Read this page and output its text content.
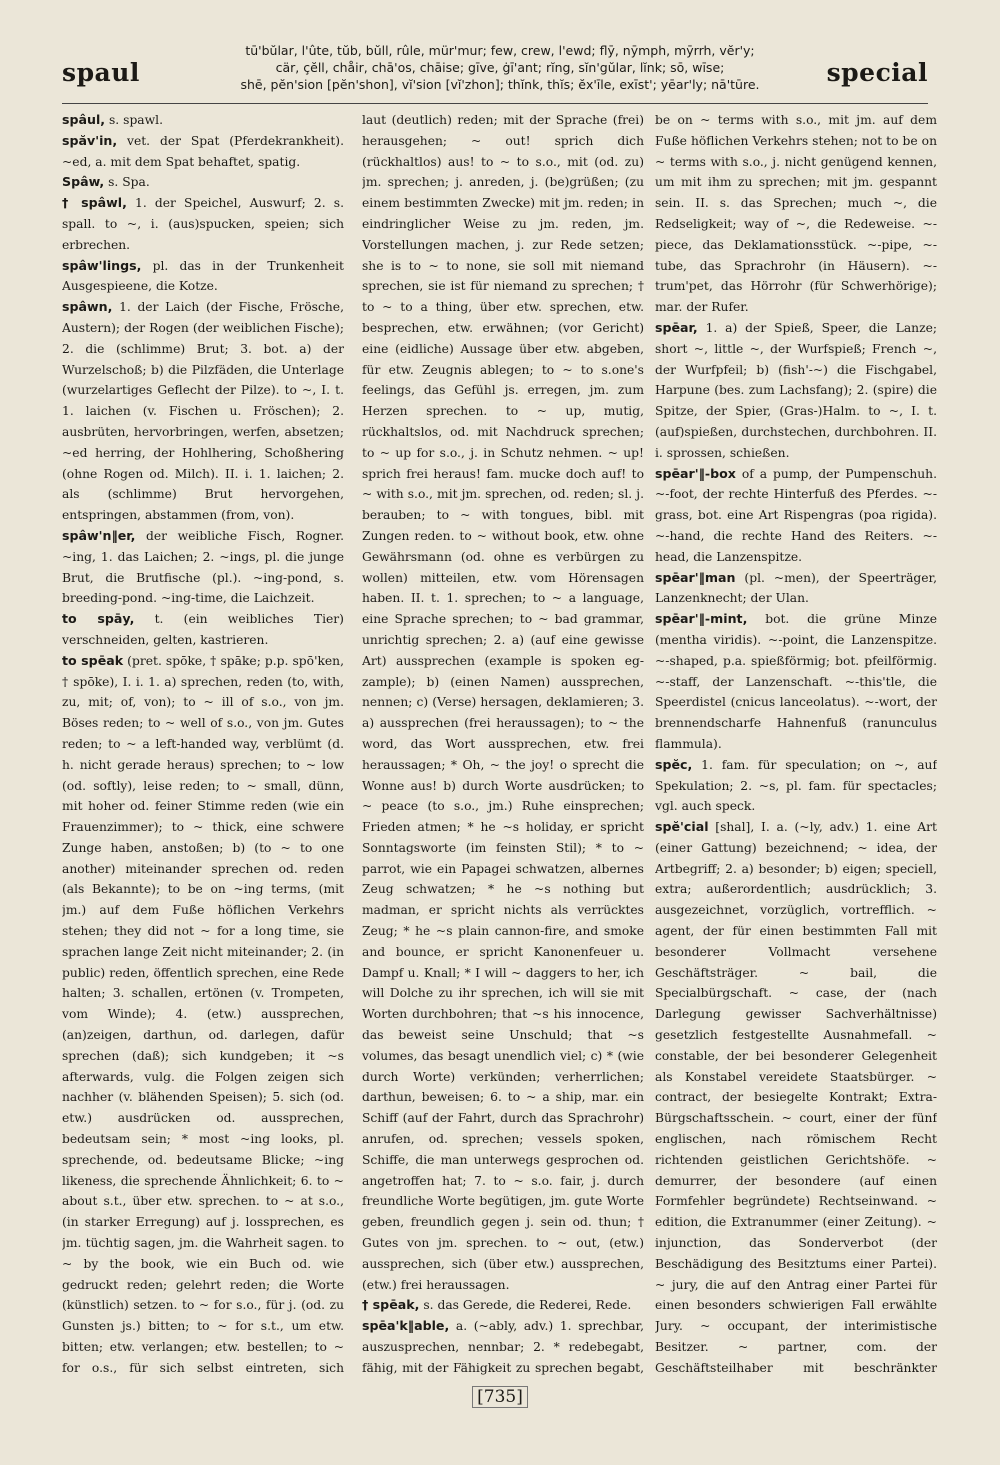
spaul
tū'bŭlar, l'ûte, tŭb, bŭll, rûle, mür'mur; few, crew, l'ewd; flȳ, nȳmph, mȳrrh, vĕr'y;
cär, çĕll, chåir, chā'os, chāise; gīve, ġī'ant; rĭng, sĭn'gŭlar, lĭnk; sō, wīse;
shē, pĕn'sion [pĕn'shon], vĭ'sion [vĭ'zhon]; thĭnk, thĭs; ĕx'īle, exīst'; yēar'ly; nā'tūre.	special

spâul, s. spawl.

spăv'in, vet. der Spat (Pferdekrankheit). ~ed, a. mit dem Spat behaftet, spatig.

Spâw, s. Spa.

† spâwl, 1. der Speichel, Auswurf; 2. s. spall. to ~, i. (aus)spucken, speien; sich erbrechen.

spâw'lings, pl. das in der Trunkenheit Ausgespieene, die Kotze.

spâwn, 1. der Laich (der Fische, Frösche, Austern); der Rogen (der weiblichen Fische); 2. die (schlimme) Brut; 3. bot. a) der Wurzelschoß; b) die Pilzfäden, die Unterlage (wurzelartiges Geflecht der Pilze). to ~, I. t. 1. laichen (v. Fischen u. Fröschen); 2. ausbrüten, hervorbringen, werfen, absetzen; ~ed herring, der Hohlhering, Schoßhering (ohne Rogen od. Milch). II. i. 1. laichen; 2. als (schlimme) Brut hervorgehen, entspringen, abstammen (from, von).

spâw'n‖er, der weibliche Fisch, Rogner. ~ing, 1. das Laichen; 2. ~ings, pl. die junge Brut, die Brutfische (pl.). ~ing-pond, s. breeding-pond. ~ing-time, die Laichzeit.

to spāy, t. (ein weibliches Tier) verschneiden, gelten, kastrieren.

to spēak (pret. spōke, † spāke; p.p. spō'ken, † spōke), I. i. 1. a) sprechen, reden (to, with, zu, mit; of, von); to ~ ill of s.o., von jm. Böses reden; to ~ well of s.o., von jm. Gutes reden; to ~ a left-handed way, verblümt (d. h. nicht gerade heraus) sprechen; to ~ low (od. softly), leise reden; to ~ small, dünn, mit hoher od. feiner Stimme reden (wie ein Frauenzimmer); to ~ thick, eine schwere Zunge haben, anstoßen; b) (to ~ to one another) miteinander sprechen od. reden (als Bekannte); to be on ~ing terms, (mit jm.) auf dem Fuße höflichen Verkehrs stehen; they did not ~ for a long time, sie sprachen lange Zeit nicht miteinander; 2. (in public) reden, öffentlich sprechen, eine Rede halten; 3. schallen, ertönen (v. Trompeten, vom Winde); 4. (etw.) aussprechen, (an)zeigen, darthun, od. darlegen, dafür sprechen (daß); sich kundgeben; it ~s afterwards, vulg. die Folgen zeigen sich nachher (v. blähenden Speisen); 5. sich (od. etw.) ausdrücken od. aussprechen, bedeutsam sein; * most ~ing looks, pl. sprechende, od. bedeutsame Blicke; ~ing likeness, die sprechende Ähnlichkeit; 6. to ~ about s.t., über etw. sprechen. to ~ at s.o., (in starker Erregung) auf j. lossprechen, es jm. tüchtig sagen, jm. die Wahrheit sagen. to ~ by the book, wie ein Buch od. wie gedruckt reden; gelehrt reden; die Worte (künstlich) setzen. to ~ for s.o., für j. (od. zu Gunsten js.) bitten; to ~ for s.t., um etw. bitten; etw. verlangen; etw. bestellen; to ~ for o.s., für sich selbst eintreten, sich

laut (deutlich) reden; mit der Sprache (frei) herausgehen; ~ out! sprich dich (rückhaltlos) aus! to ~ to s.o., mit (od. zu) jm. sprechen; j. anreden, j. (be)grüßen; (zu einem bestimmten Zwecke) mit jm. reden; in eindringlicher Weise zu jm. reden, jm. Vorstellungen machen, j. zur Rede setzen; she is to ~ to none, sie soll mit niemand sprechen, sie ist für niemand zu sprechen; † to ~ to a thing, über etw. sprechen, etw. besprechen, etw. erwähnen; (vor Gericht) eine (eidliche) Aussage über etw. abgeben, für etw. Zeugnis ablegen; to ~ to s.one's feelings, das Gefühl js. erregen, jm. zum Herzen sprechen. to ~ up, mutig, rückhaltslos, od. mit Nachdruck sprechen; to ~ up for s.o., j. in Schutz nehmen. ~ up! sprich frei heraus! fam. mucke doch auf! to ~ with s.o., mit jm. sprechen, od. reden; sl. j. berauben; to ~ with tongues, bibl. mit Zungen reden. to ~ without book, etw. ohne Gewährsmann (od. ohne es verbürgen zu wollen) mitteilen, etw. vom Hörensagen haben. II. t. 1. sprechen; to ~ a language, eine Sprache sprechen; to ~ bad grammar, unrichtig sprechen; 2. a) (auf eine gewisse Art) aussprechen (example is spoken eg-zample); b) (einen Namen) aussprechen, nennen; c) (Verse) hersagen, deklamieren; 3. a) aussprechen (frei heraussagen); to ~ the word, das Wort aussprechen, etw. frei heraussagen; * Oh, ~ the joy! o sprecht die Wonne aus! b) durch Worte ausdrücken; to ~ peace (to s.o., jm.) Ruhe einsprechen; Frieden atmen; * he ~s holiday, er spricht Sonntagsworte (im feinsten Stil); * to ~ parrot, wie ein Papagei schwatzen, albernes Zeug schwatzen; * he ~s nothing but madman, er spricht nichts als verrücktes Zeug; * he ~s plain cannon-fire, and smoke and bounce, er spricht Kanonenfeuer u. Dampf u. Knall; * I will ~ daggers to her, ich will Dolche zu ihr sprechen, ich will sie mit Worten durchbohren; that ~s his innocence, das beweist seine Unschuld; that ~s volumes, das besagt unendlich viel; c) * (wie durch Worte) verkünden; verherrlichen; darthun, beweisen; 6. to ~ a ship, mar. ein Schiff (auf der Fahrt, durch das Sprachrohr) anrufen, od. sprechen; vessels spoken, Schiffe, die man unterwegs gesprochen od. angetroffen hat; 7. to ~ s.o. fair, j. durch freundliche Worte begütigen, jm. gute Worte geben, freundlich gegen j. sein od. thun; † Gutes von jm. sprechen. to ~ out, (etw.) aussprechen, sich (über etw.) aussprechen, (etw.) frei heraussagen.

† spēak, s. das Gerede, die Rederei, Rede.

spēa'k‖able, a. (~ably, adv.) 1. sprechbar, auszusprechen, nennbar; 2. * redebegabt, fähig, mit der Fähigkeit zu sprechen begabt,

be on ~ terms with s.o., mit jm. auf dem Fuße höflichen Verkehrs stehen; not to be on ~ terms with s.o., j. nicht genügend kennen, um mit ihm zu sprechen; mit jm. gespannt sein. II. s. das Sprechen; much ~, die Redseligkeit; way of ~, die Redeweise. ~-piece, das Deklamationsstück. ~-pipe, ~-tube, das Sprachrohr (in Häusern). ~-trum'pet, das Hörrohr (für Schwerhörige); mar. der Rufer.

spēar, 1. a) der Spieß, Speer, die Lanze; short ~, little ~, der Wurfspieß; French ~, der Wurfpfeil; b) (fish'-~) die Fischgabel, Harpune (bes. zum Lachsfang); 2. (spire) die Spitze, der Spier, (Gras-)Halm. to ~, I. t. (auf)spießen, durchstechen, durchbohren. II. i. sprossen, schießen.

spēar'‖-box of a pump, der Pumpenschuh. ~-foot, der rechte Hinterfuß des Pferdes. ~-grass, bot. eine Art Rispengras (poa rigida). ~-hand, die rechte Hand des Reiters. ~-head, die Lanzenspitze.

spēar'‖man (pl. ~men), der Speerträger, Lanzenknecht; der Ulan.

spēar'‖-mint, bot. die grüne Minze (mentha viridis). ~-point, die Lanzenspitze. ~-shaped, p.a. spießförmig; bot. pfeilförmig. ~-staff, der Lanzenschaft. ~-this'tle, die Speerdistel (cnicus lanceolatus). ~-wort, der brennendscharfe Hahnenfuß (ranunculus flammula).

spĕc, 1. fam. für speculation; on ~, auf Spekulation; 2. ~s, pl. fam. für spectacles; vgl. auch speck.

spĕ'cial [shal], I. a. (~ly, adv.) 1. eine Art (einer Gattung) bezeichnend; ~ idea, der Artbegriff; 2. a) besonder; b) eigen; speciell, extra; außerordentlich; ausdrücklich; 3. ausgezeichnet, vorzüglich, vortrefflich. ~ agent, der für einen bestimmten Fall mit besonderer Vollmacht versehene Geschäftsträger. ~ bail, die Specialbürgschaft. ~ case, der (nach Darlegung gewisser Sachverhältnisse) gesetzlich festgestellte Ausnahmefall. ~ constable, der bei besonderer Gelegenheit als Konstabel vereidete Staatsbürger. ~ contract, der besiegelte Kontrakt; Extra-Bürgschaftsschein. ~ court, einer der fünf englischen, nach römischem Recht richtenden geistlichen Gerichtshöfe. ~ demurrer, der besondere (auf einen Formfehler begründete) Rechtseinwand. ~ edition, die Extranummer (einer Zeitung). ~ injunction, das Sonderverbot (der Beschädigung des Besitztums einer Partei). ~ jury, die auf den Antrag einer Partei für einen besonders schwierigen Fall erwählte Jury. ~ occupant, der interimistische Besitzer. ~ partner, com. der Geschäftsteilhaber mit beschränkter

[735]
